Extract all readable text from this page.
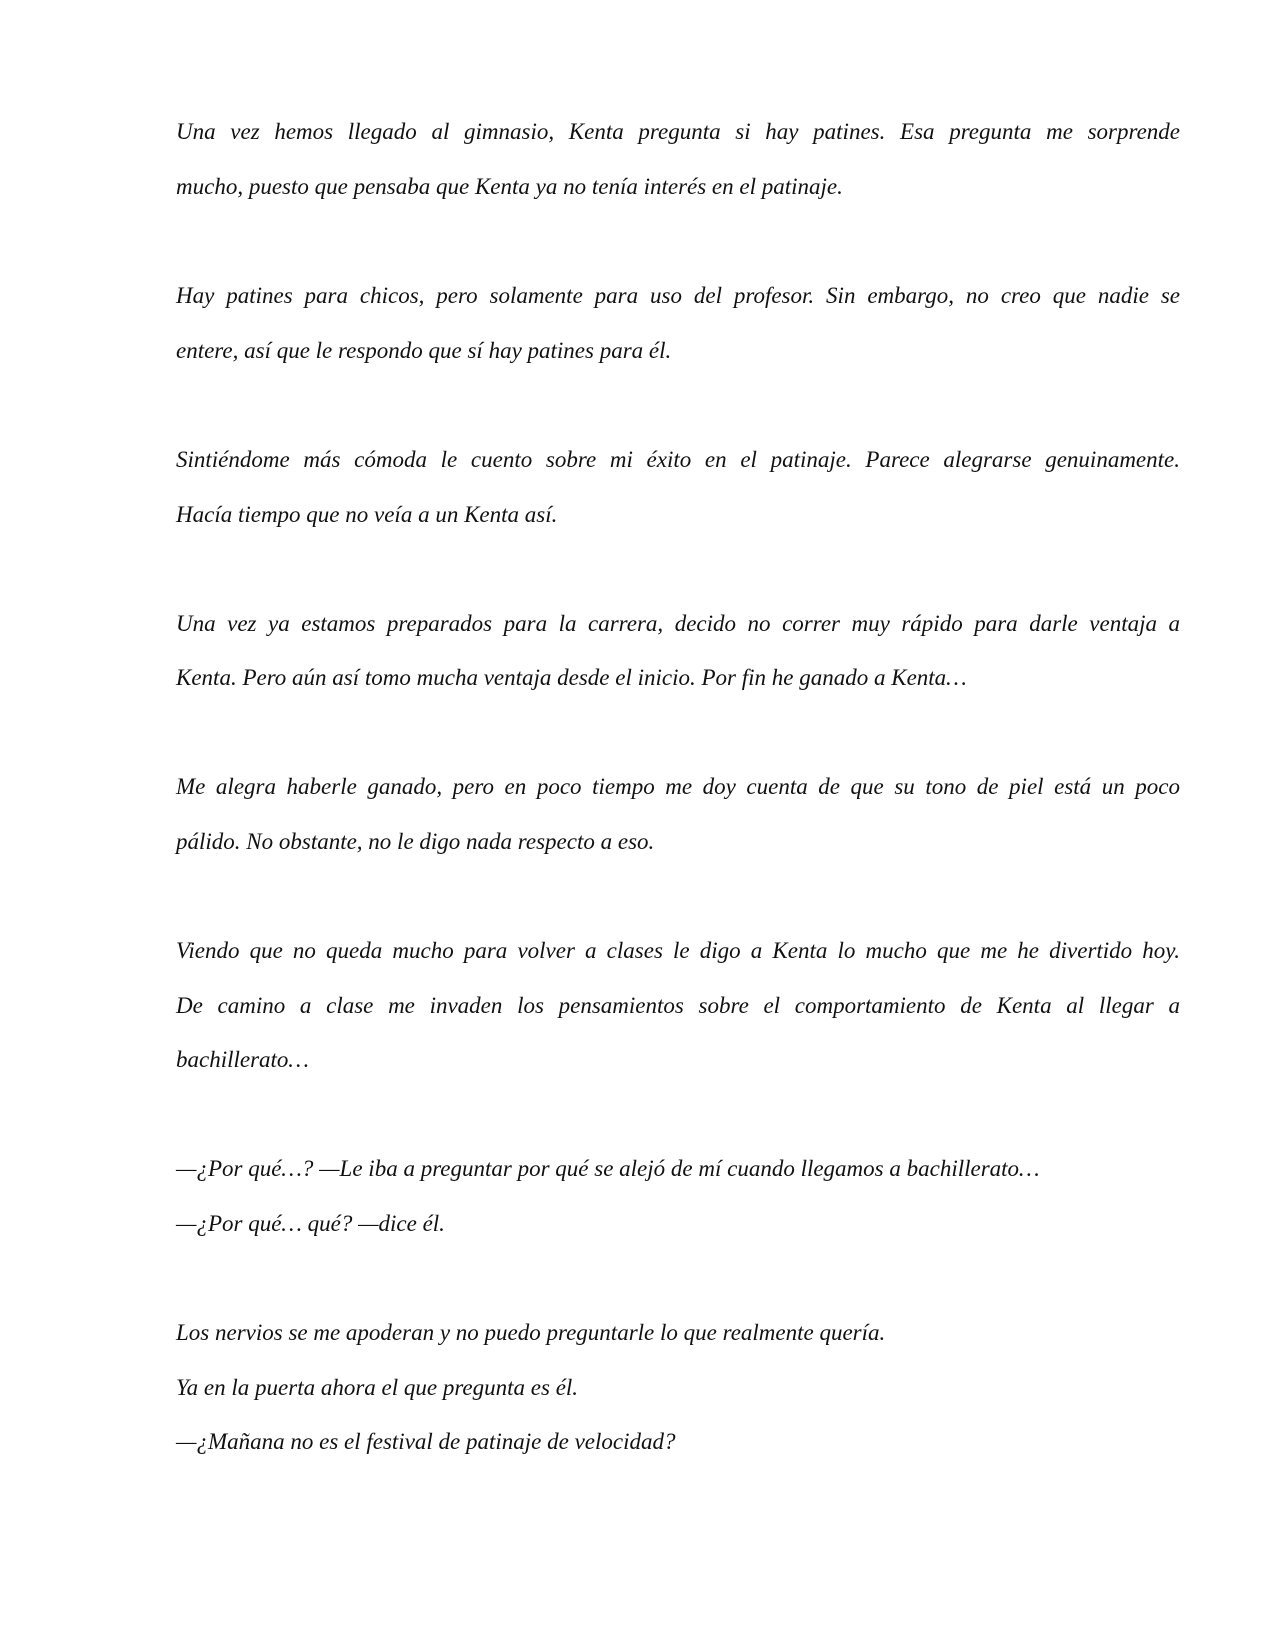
Una vez hemos llegado al gimnasio, Kenta pregunta si hay patines. Esa pregunta me sorprende
mucho, puesto que pensaba que Kenta ya no tenía interés en el patinaje.
Hay patines para chicos, pero solamente para uso del profesor. Sin embargo, no creo que nadie se
entere, así que le respondo que sí hay patines para él.
Sintiéndome más cómoda le cuento sobre mi éxito en el patinaje. Parece alegrarse genuinamente.
Hacía tiempo que no veía a un Kenta así.
Una vez ya estamos preparados para la carrera, decido no correr muy rápido para darle ventaja a
Kenta. Pero aún así tomo mucha ventaja desde el inicio. Por fin he ganado a Kenta…
Me alegra haberle ganado, pero en poco tiempo me doy cuenta de que su tono de piel está un poco
pálido. No obstante, no le digo nada respecto a eso.
Viendo que no queda mucho para volver a clases le digo a Kenta lo mucho que me he divertido hoy.
De camino a clase me invaden los pensamientos sobre el comportamiento de Kenta al llegar a
bachillerato…
—¿Por qué…? —Le iba a preguntar por qué se alejó de mí cuando llegamos a bachillerato…
—¿Por qué… qué? —dice él.
Los nervios se me apoderan y no puedo preguntarle lo que realmente quería.
Ya en la puerta ahora el que pregunta es él.
—¿Mañana no es el festival de patinaje de velocidad?
